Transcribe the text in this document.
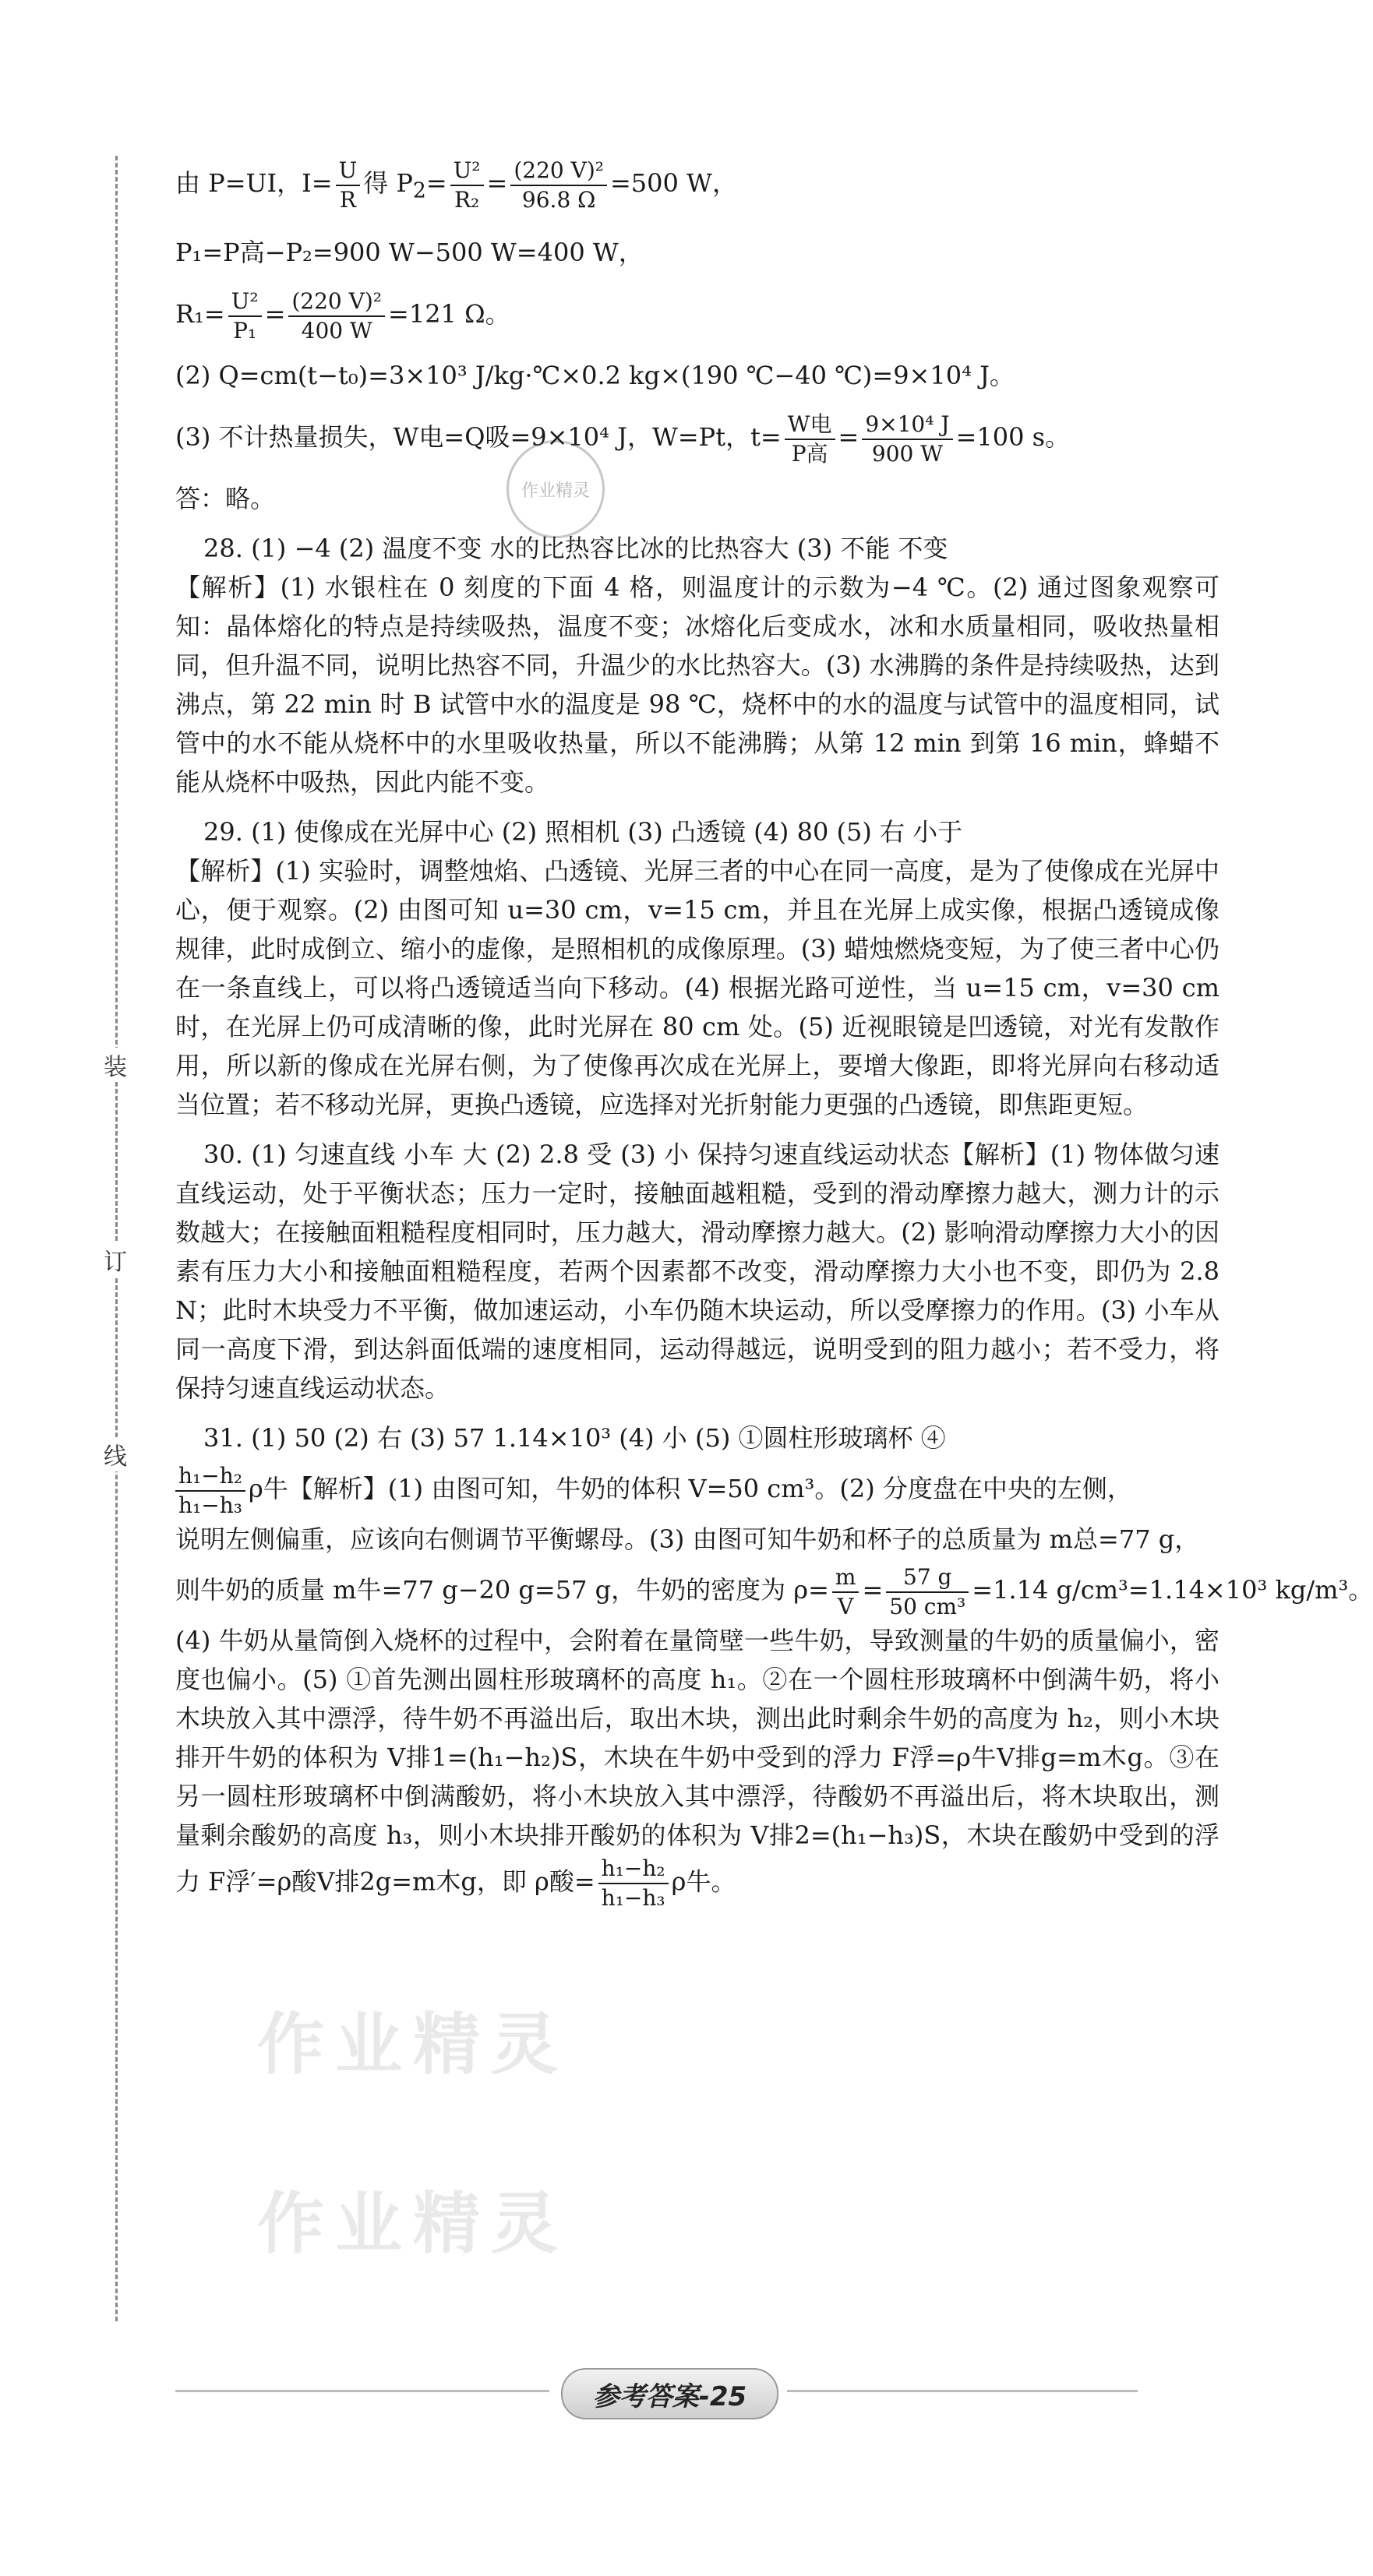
装
订
线
作业精灵
作业精灵
作业精灵
由 P=UI，$I= \frac{U}{R}$ 得 $P_2= \frac{\text{U²}}{\text{R₂}} = \frac{\text{(220 V)²}}{96.8 \Omega} =500$ W，
P₁=P高−P₂=900 W−500 W=400 W，
$R_1= \frac{\text{U²}}{\text{P₁}} = \frac{\text{(220 V)²}}{400 W} =121$ Ω。
(2) Q=cm(t−t₀)=3×10³ J/kg·℃×0.2 kg×(190 ℃−40 ℃)=9×10⁴ J。
(3) 不计热量损失，W电=Q吸=9×10⁴ J，W=Pt，$t= \frac{\text{W电}}{\text{P高}} = \frac{\text{9×10⁴ J}}{900 W} =100$ s。
答：略。
28. (1) −4 (2) 温度不变 水的比热容比冰的比热容大 (3) 不能 不变
【解析】(1) 水银柱在 0 刻度的下面 4 格，则温度计的示数为−4 ℃。(2) 通过图象观察可知：晶体熔化的特点是持续吸热，温度不变；冰熔化后变成水，冰和水质量相同，吸收热量相同，但升温不同，说明比热容不同，升温少的水比热容大。(3) 水沸腾的条件是持续吸热，达到沸点，第 22 min 时 B 试管中水的温度是 98 ℃，烧杯中的水的温度与试管中的温度相同，试管中的水不能从烧杯中的水里吸收热量，所以不能沸腾；从第 12 min 到第 16 min，蜂蜡不能从烧杯中吸热，因此内能不变。
29. (1) 使像成在光屏中心 (2) 照相机 (3) 凸透镜 (4) 80 (5) 右 小于
【解析】(1) 实验时，调整烛焰、凸透镜、光屏三者的中心在同一高度，是为了使像成在光屏中心，便于观察。(2) 由图可知 u=30 cm，v=15 cm，并且在光屏上成实像，根据凸透镜成像规律，此时成倒立、缩小的虚像，是照相机的成像原理。(3) 蜡烛燃烧变短，为了使三者中心仍在一条直线上，可以将凸透镜适当向下移动。(4) 根据光路可逆性，当 u=15 cm，v=30 cm 时，在光屏上仍可成清晰的像，此时光屏在 80 cm 处。(5) 近视眼镜是凹透镜，对光有发散作用，所以新的像成在光屏右侧，为了使像再次成在光屏上，要增大像距，即将光屏向右移动适当位置；若不移动光屏，更换凸透镜，应选择对光折射能力更强的凸透镜，即焦距更短。
30. (1) 匀速直线 小车 大 (2) 2.8 受 (3) 小 保持匀速直线运动状态【解析】(1) 物体做匀速直线运动，处于平衡状态；压力一定时，接触面越粗糙，受到的滑动摩擦力越大，测力计的示数越大；在接触面粗糙程度相同时，压力越大，滑动摩擦力越大。(2) 影响滑动摩擦力大小的因素有压力大小和接触面粗糙程度，若两个因素都不改变，滑动摩擦力大小也不变，即仍为 2.8 N；此时木块受力不平衡，做加速运动，小车仍随木块运动，所以受摩擦力的作用。(3) 小车从同一高度下滑，到达斜面低端的速度相同，运动得越远，说明受到的阻力越小；若不受力，将保持匀速直线运动状态。
31. (1) 50 (2) 右 (3) 57 1.14×10³ (4) 小 (5) ①圆柱形玻璃杯 ④
$\frac{\text{h₁−h₂}}{\text{h₁−h₃}}$ ρ牛【解析】(1) 由图可知，牛奶的体积 V=50 cm³。(2) 分度盘在中央的左侧，
说明左侧偏重，应该向右侧调节平衡螺母。(3) 由图可知牛奶和杯子的总质量为 m总=77 g，
则牛奶的质量 m牛=77 g−20 g=57 g，牛奶的密度为 $\rho= \frac{m}{V} = \frac{57 g}{\text{50 cm³}} =1.14$ g/cm³=1.14×10³ kg/m³。
(4) 牛奶从量筒倒入烧杯的过程中，会附着在量筒壁一些牛奶，导致测量的牛奶的质量偏小，密度也偏小。(5) ①首先测出圆柱形玻璃杯的高度 h₁。②在一个圆柱形玻璃杯中倒满牛奶，将小木块放入其中漂浮，待牛奶不再溢出后，取出木块，测出此时剩余牛奶的高度为 h₂，则小木块排开牛奶的体积为 V排1=(h₁−h₂)S，木块在牛奶中受到的浮力 F浮=ρ牛V排g=m木g。③在另一圆柱形玻璃杯中倒满酸奶，将小木块放入其中漂浮，待酸奶不再溢出后，将木块取出，测量剩余酸奶的高度 h₃，则小木块排开酸奶的体积为 V排2=(h₁−h₃)S，木块在酸奶中受到的浮力 F浮′=ρ酸V排2g=m木g，即 ρ酸= $\frac{\text{h₁−h₂}}{\text{h₁−h₃}}$ ρ牛。
参考答案-25
